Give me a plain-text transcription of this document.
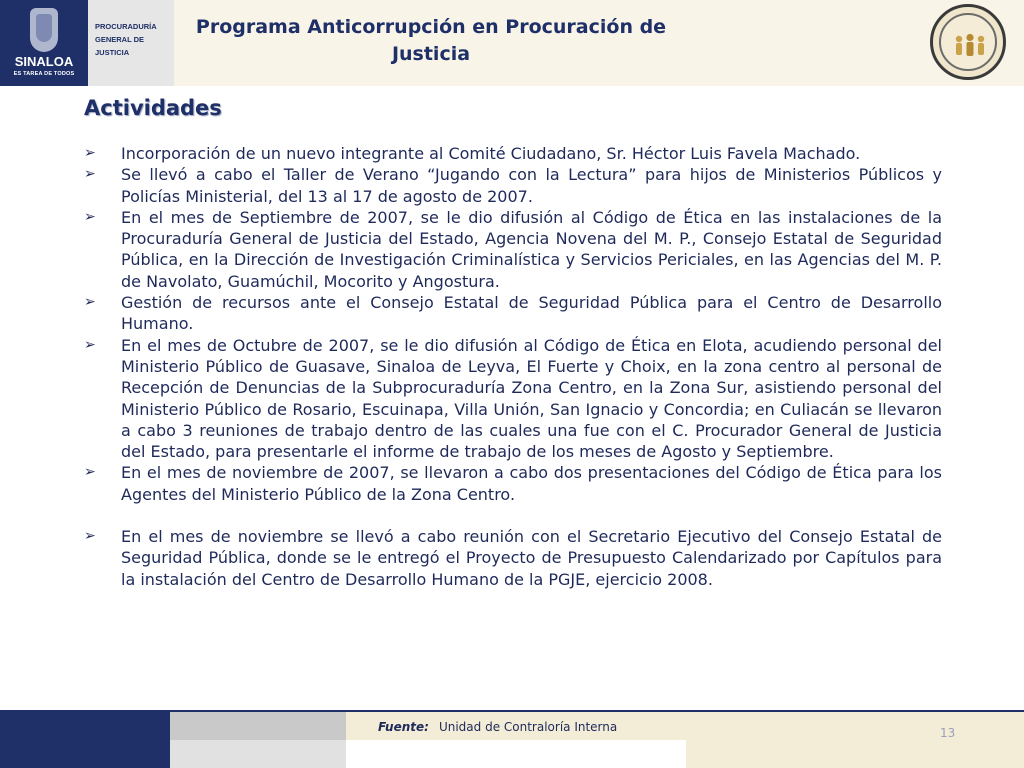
SINALOA
ES TAREA DE TODOS
PROCURADURÍA
GENERAL DE
JUSTICIA
Programa Anticorrupción en Procuración de Justicia
Actividades
➢	Incorporación de un nuevo integrante al Comité Ciudadano, Sr. Héctor Luis Favela Machado.
➢	Se llevó a cabo el Taller de Verano “Jugando con la Lectura” para hijos de Ministerios Públicos y Policías Ministerial, del 13 al 17 de agosto de 2007.
➢	En el mes de Septiembre de 2007, se le dio difusión al Código de Ética en las instalaciones de la Procuraduría General de Justicia del Estado, Agencia Novena del M. P., Consejo Estatal de Seguridad Pública, en la Dirección de Investigación Criminalística y Servicios Periciales, en las Agencias del M. P. de Navolato, Guamúchil, Mocorito y Angostura.
➢	Gestión de recursos ante el Consejo Estatal de Seguridad Pública para el Centro de Desarrollo Humano.
➢	En el mes de Octubre de 2007, se le dio difusión al Código de Ética en Elota, acudiendo personal del Ministerio Público de Guasave, Sinaloa de Leyva, El Fuerte y Choix, en la zona centro al personal de Recepción de Denuncias de la Subprocuraduría Zona Centro, en la Zona Sur, asistiendo personal del Ministerio Público de Rosario, Escuinapa, Villa Unión, San Ignacio y Concordia; en Culiacán se llevaron a cabo 3 reuniones de trabajo dentro de las cuales una fue con el C. Procurador General de Justicia del Estado, para presentarle el informe de trabajo de los meses de Agosto y Septiembre.
➢	En el mes de noviembre de 2007, se llevaron a cabo dos presentaciones del Código de Ética para los Agentes del Ministerio Público de la Zona Centro.
➢	En el mes de noviembre se llevó a cabo reunión con el Secretario Ejecutivo del Consejo Estatal de Seguridad Pública, donde se le entregó el Proyecto de Presupuesto Calendarizado por Capítulos para la instalación del Centro de Desarrollo Humano de la PGJE, ejercicio 2008.
Fuente: Unidad de Contraloría Interna	13
